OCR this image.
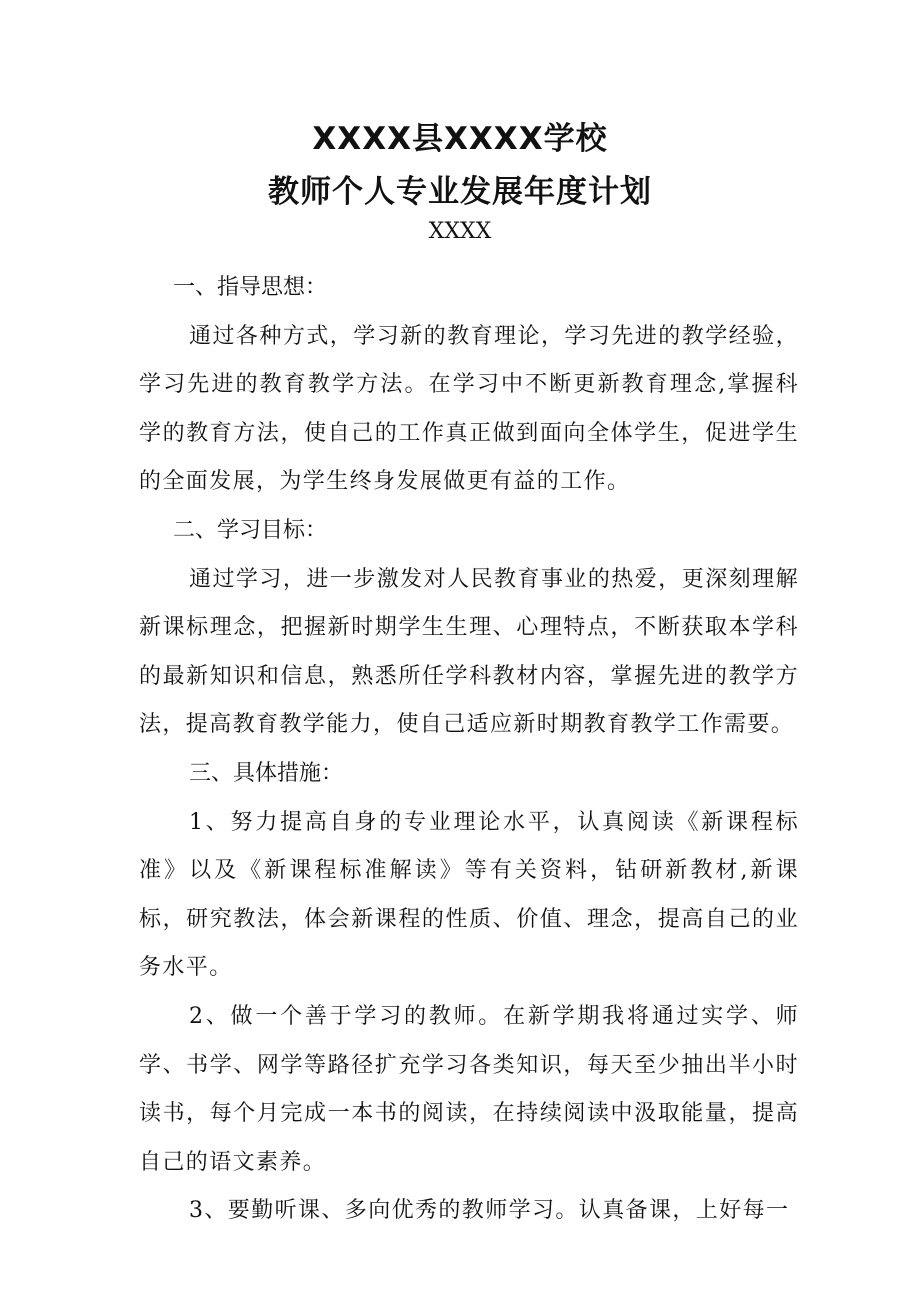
XXXX县XXXX学校
教师个人专业发展年度计划
XXXX

一、指导思想：

通过各种方式，学习新的教育理论，学习先进的教学经验，学习先进的教育教学方法。在学习中不断更新教育理念,掌握科学的教育方法，使自己的工作真正做到面向全体学生，促进学生的全面发展，为学生终身发展做更有益的工作。

二、学习目标：

通过学习，进一步激发对人民教育事业的热爱，更深刻理解新课标理念，把握新时期学生生理、心理特点，不断获取本学科的最新知识和信息，熟悉所任学科教材内容，掌握先进的教学方法，提高教育教学能力，使自己适应新时期教育教学工作需要。

三、具体措施：

1、努力提高自身的专业理论水平，认真阅读《新课程标准》以及《新课程标准解读》等有关资料，钻研新教材,新课标，研究教法，体会新课程的性质、价值、理念，提高自己的业务水平。

2、做一个善于学习的教师。在新学期我将通过实学、师学、书学、网学等路径扩充学习各类知识，每天至少抽出半小时读书，每个月完成一本书的阅读，在持续阅读中汲取能量，提高自己的语文素养。

3、要勤听课、多向优秀的教师学习。认真备课，上好每一
